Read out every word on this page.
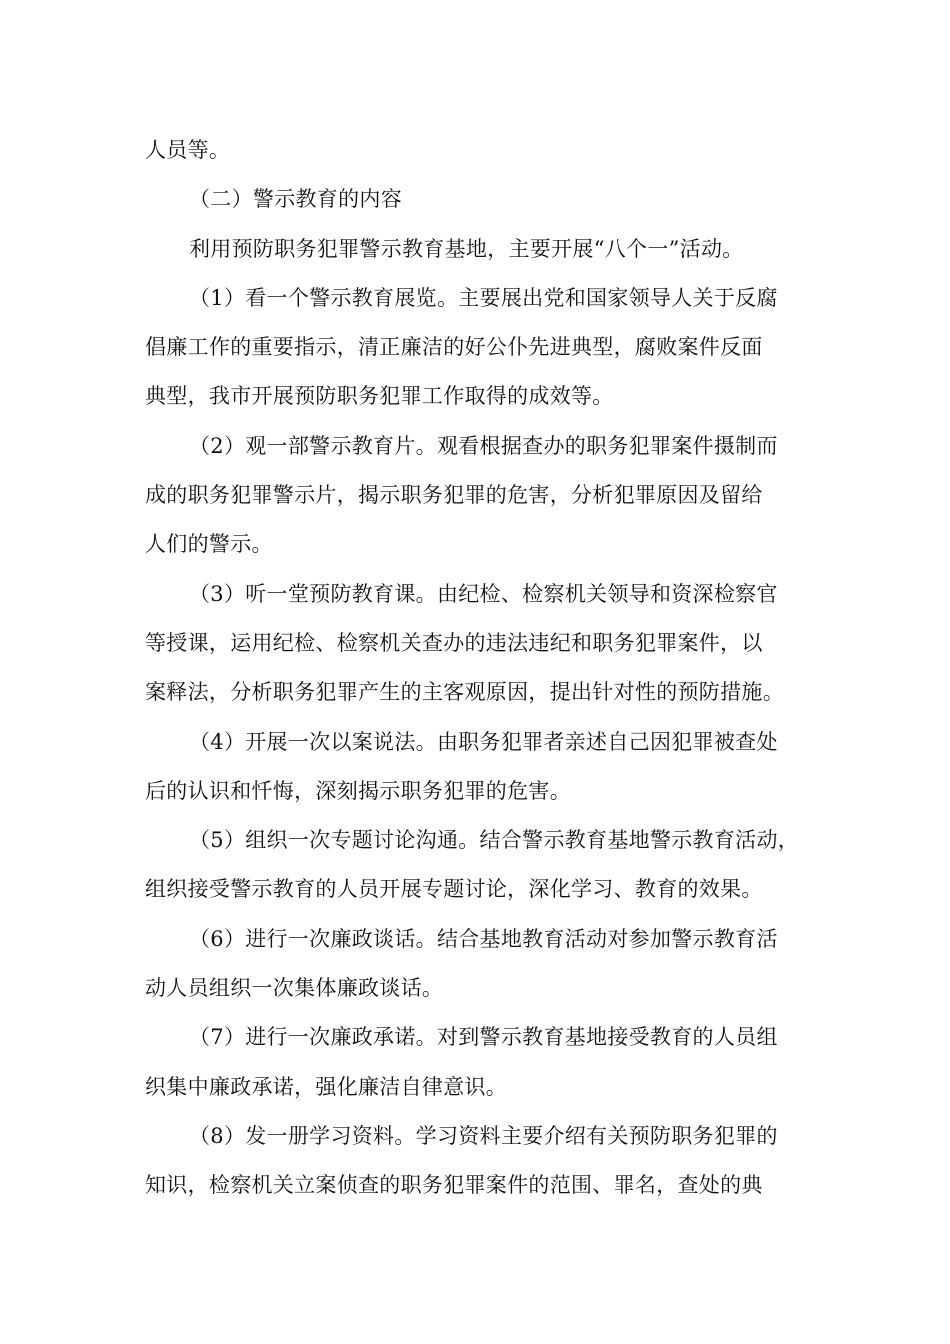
人员等。
（二）警示教育的内容
利用预防职务犯罪警示教育基地，主要开展“八个一”活动。
（1）看一个警示教育展览。主要展出党和国家领导人关于反腐
倡廉工作的重要指示，清正廉洁的好公仆先进典型，腐败案件反面
典型，我市开展预防职务犯罪工作取得的成效等。
（2）观一部警示教育片。观看根据查办的职务犯罪案件摄制而
成的职务犯罪警示片，揭示职务犯罪的危害，分析犯罪原因及留给
人们的警示。
（3）听一堂预防教育课。由纪检、检察机关领导和资深检察官
等授课，运用纪检、检察机关查办的违法违纪和职务犯罪案件，以
案释法，分析职务犯罪产生的主客观原因，提出针对性的预防措施。
（4）开展一次以案说法。由职务犯罪者亲述自己因犯罪被查处
后的认识和忏悔，深刻揭示职务犯罪的危害。
（5）组织一次专题讨论沟通。结合警示教育基地警示教育活动，
组织接受警示教育的人员开展专题讨论，深化学习、教育的效果。
（6）进行一次廉政谈话。结合基地教育活动对参加警示教育活
动人员组织一次集体廉政谈话。
（7）进行一次廉政承诺。对到警示教育基地接受教育的人员组
织集中廉政承诺，强化廉洁自律意识。
（8）发一册学习资料。学习资料主要介绍有关预防职务犯罪的
知识，检察机关立案侦查的职务犯罪案件的范围、罪名，查处的典
